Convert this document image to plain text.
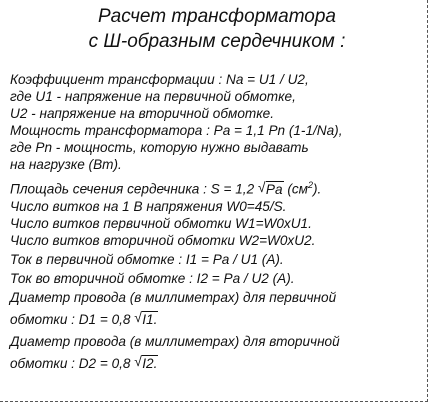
Расчет трансформатора
с Ш-образным сердечником :
Коэффициент трансформации : Na = U1 / U2,
где U1 - напряжение на первичной обмотке,
U2 - напряжение на вторичной обмотке.
Мощность трансформатора : Pa = 1,1 Pn (1-1/Na),
где Pn - мощность, которую нужно выдавать
на нагрузке (Вт).
Площадь сечения сердечника : S = 1,2 √ Pa $(см^2)$.
Число витков на 1 В напряжения W0=45/S.
Число витков первичной обмотки W1=W0xU1.
Число витков вторичной обмотки W2=W0xU2.
Ток в первичной обмотке : I1 = Pa / U1 (A).
Ток во вторичной обмотке : I2 = Pa / U2 (A).
Диаметр провода (в миллиметрах) для первичной
обмотки : D1 = 0,8 √ I1.
Диаметр провода (в миллиметрах) для вторичной
обмотки : D2 = 0,8 √ I2.
